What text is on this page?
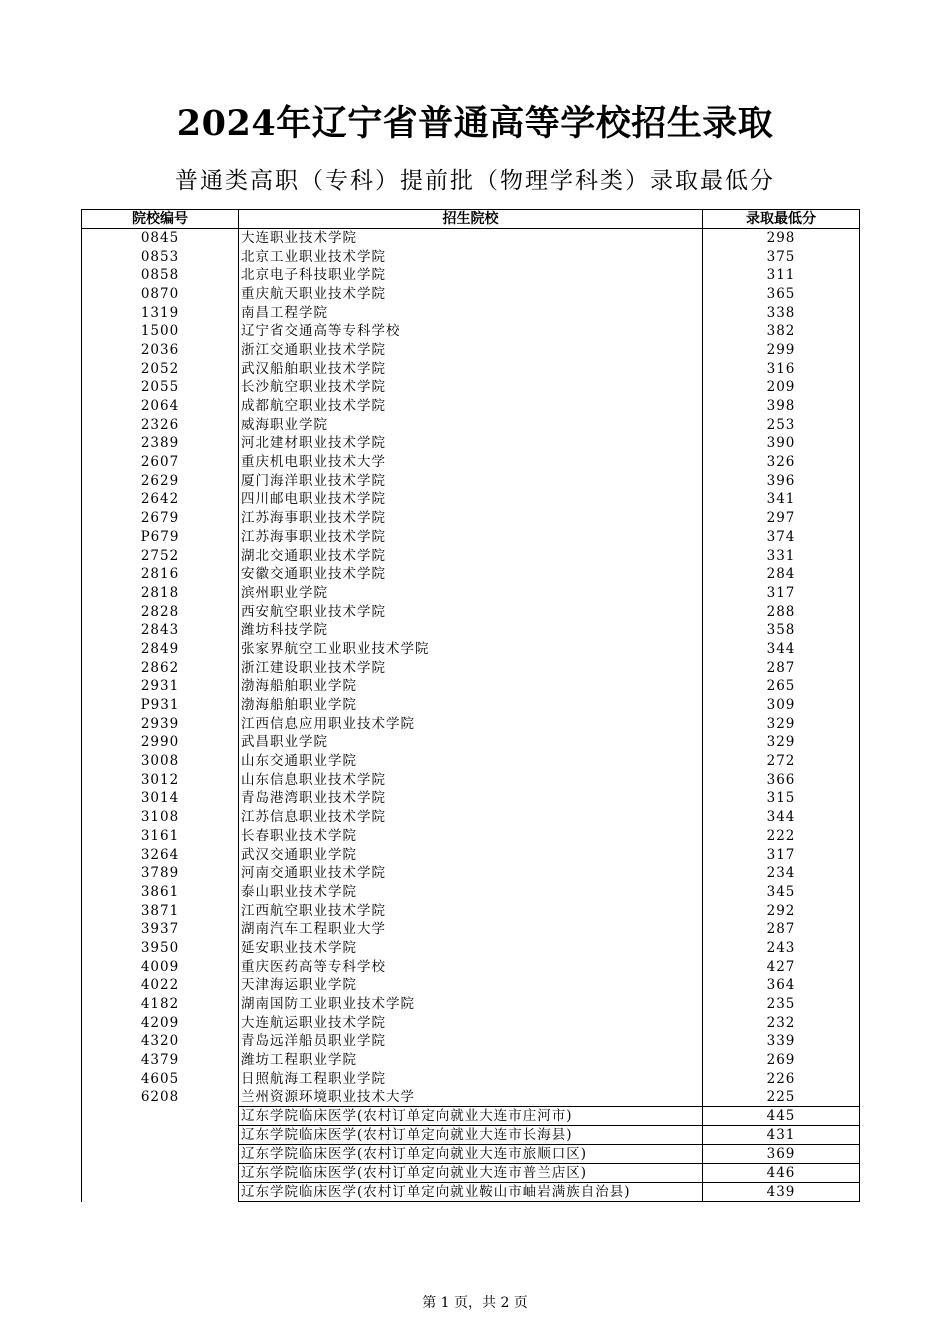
2024年辽宁省普通高等学校招生录取
普通类高职（专科）提前批（物理学科类）录取最低分
院校编号	招生院校	录取最低分
0845	大连职业技术学院	298
0853	北京工业职业技术学院	375
0858	北京电子科技职业学院	311
0870	重庆航天职业技术学院	365
1319	南昌工程学院	338
1500	辽宁省交通高等专科学校	382
2036	浙江交通职业技术学院	299
2052	武汉船舶职业技术学院	316
2055	长沙航空职业技术学院	209
2064	成都航空职业技术学院	398
2326	威海职业学院	253
2389	河北建材职业技术学院	390
2607	重庆机电职业技术大学	326
2629	厦门海洋职业技术学院	396
2642	四川邮电职业技术学院	341
2679	江苏海事职业技术学院	297
P679	江苏海事职业技术学院	374
2752	湖北交通职业技术学院	331
2816	安徽交通职业技术学院	284
2818	滨州职业学院	317
2828	西安航空职业技术学院	288
2843	潍坊科技学院	358
2849	张家界航空工业职业技术学院	344
2862	浙江建设职业技术学院	287
2931	渤海船舶职业学院	265
P931	渤海船舶职业学院	309
2939	江西信息应用职业技术学院	329
2990	武昌职业学院	329
3008	山东交通职业学院	272
3012	山东信息职业技术学院	366
3014	青岛港湾职业技术学院	315
3108	江苏信息职业技术学院	344
3161	长春职业技术学院	222
3264	武汉交通职业学院	317
3789	河南交通职业技术学院	234
3861	泰山职业技术学院	345
3871	江西航空职业技术学院	292
3937	湖南汽车工程职业大学	287
3950	延安职业技术学院	243
4009	重庆医药高等专科学校	427
4022	天津海运职业学院	364
4182	湖南国防工业职业技术学院	235
4209	大连航运职业技术学院	232
4320	青岛远洋船员职业学院	339
4379	潍坊工程职业学院	269
4605	日照航海工程职业学院	226
6208	兰州资源环境职业技术大学	225
	辽东学院临床医学(农村订单定向就业大连市庄河市)	445
	辽东学院临床医学(农村订单定向就业大连市长海县)	431
	辽东学院临床医学(农村订单定向就业大连市旅顺口区)	369
	辽东学院临床医学(农村订单定向就业大连市普兰店区)	446
	辽东学院临床医学(农村订单定向就业鞍山市岫岩满族自治县)	439
第 1 页，共 2 页
